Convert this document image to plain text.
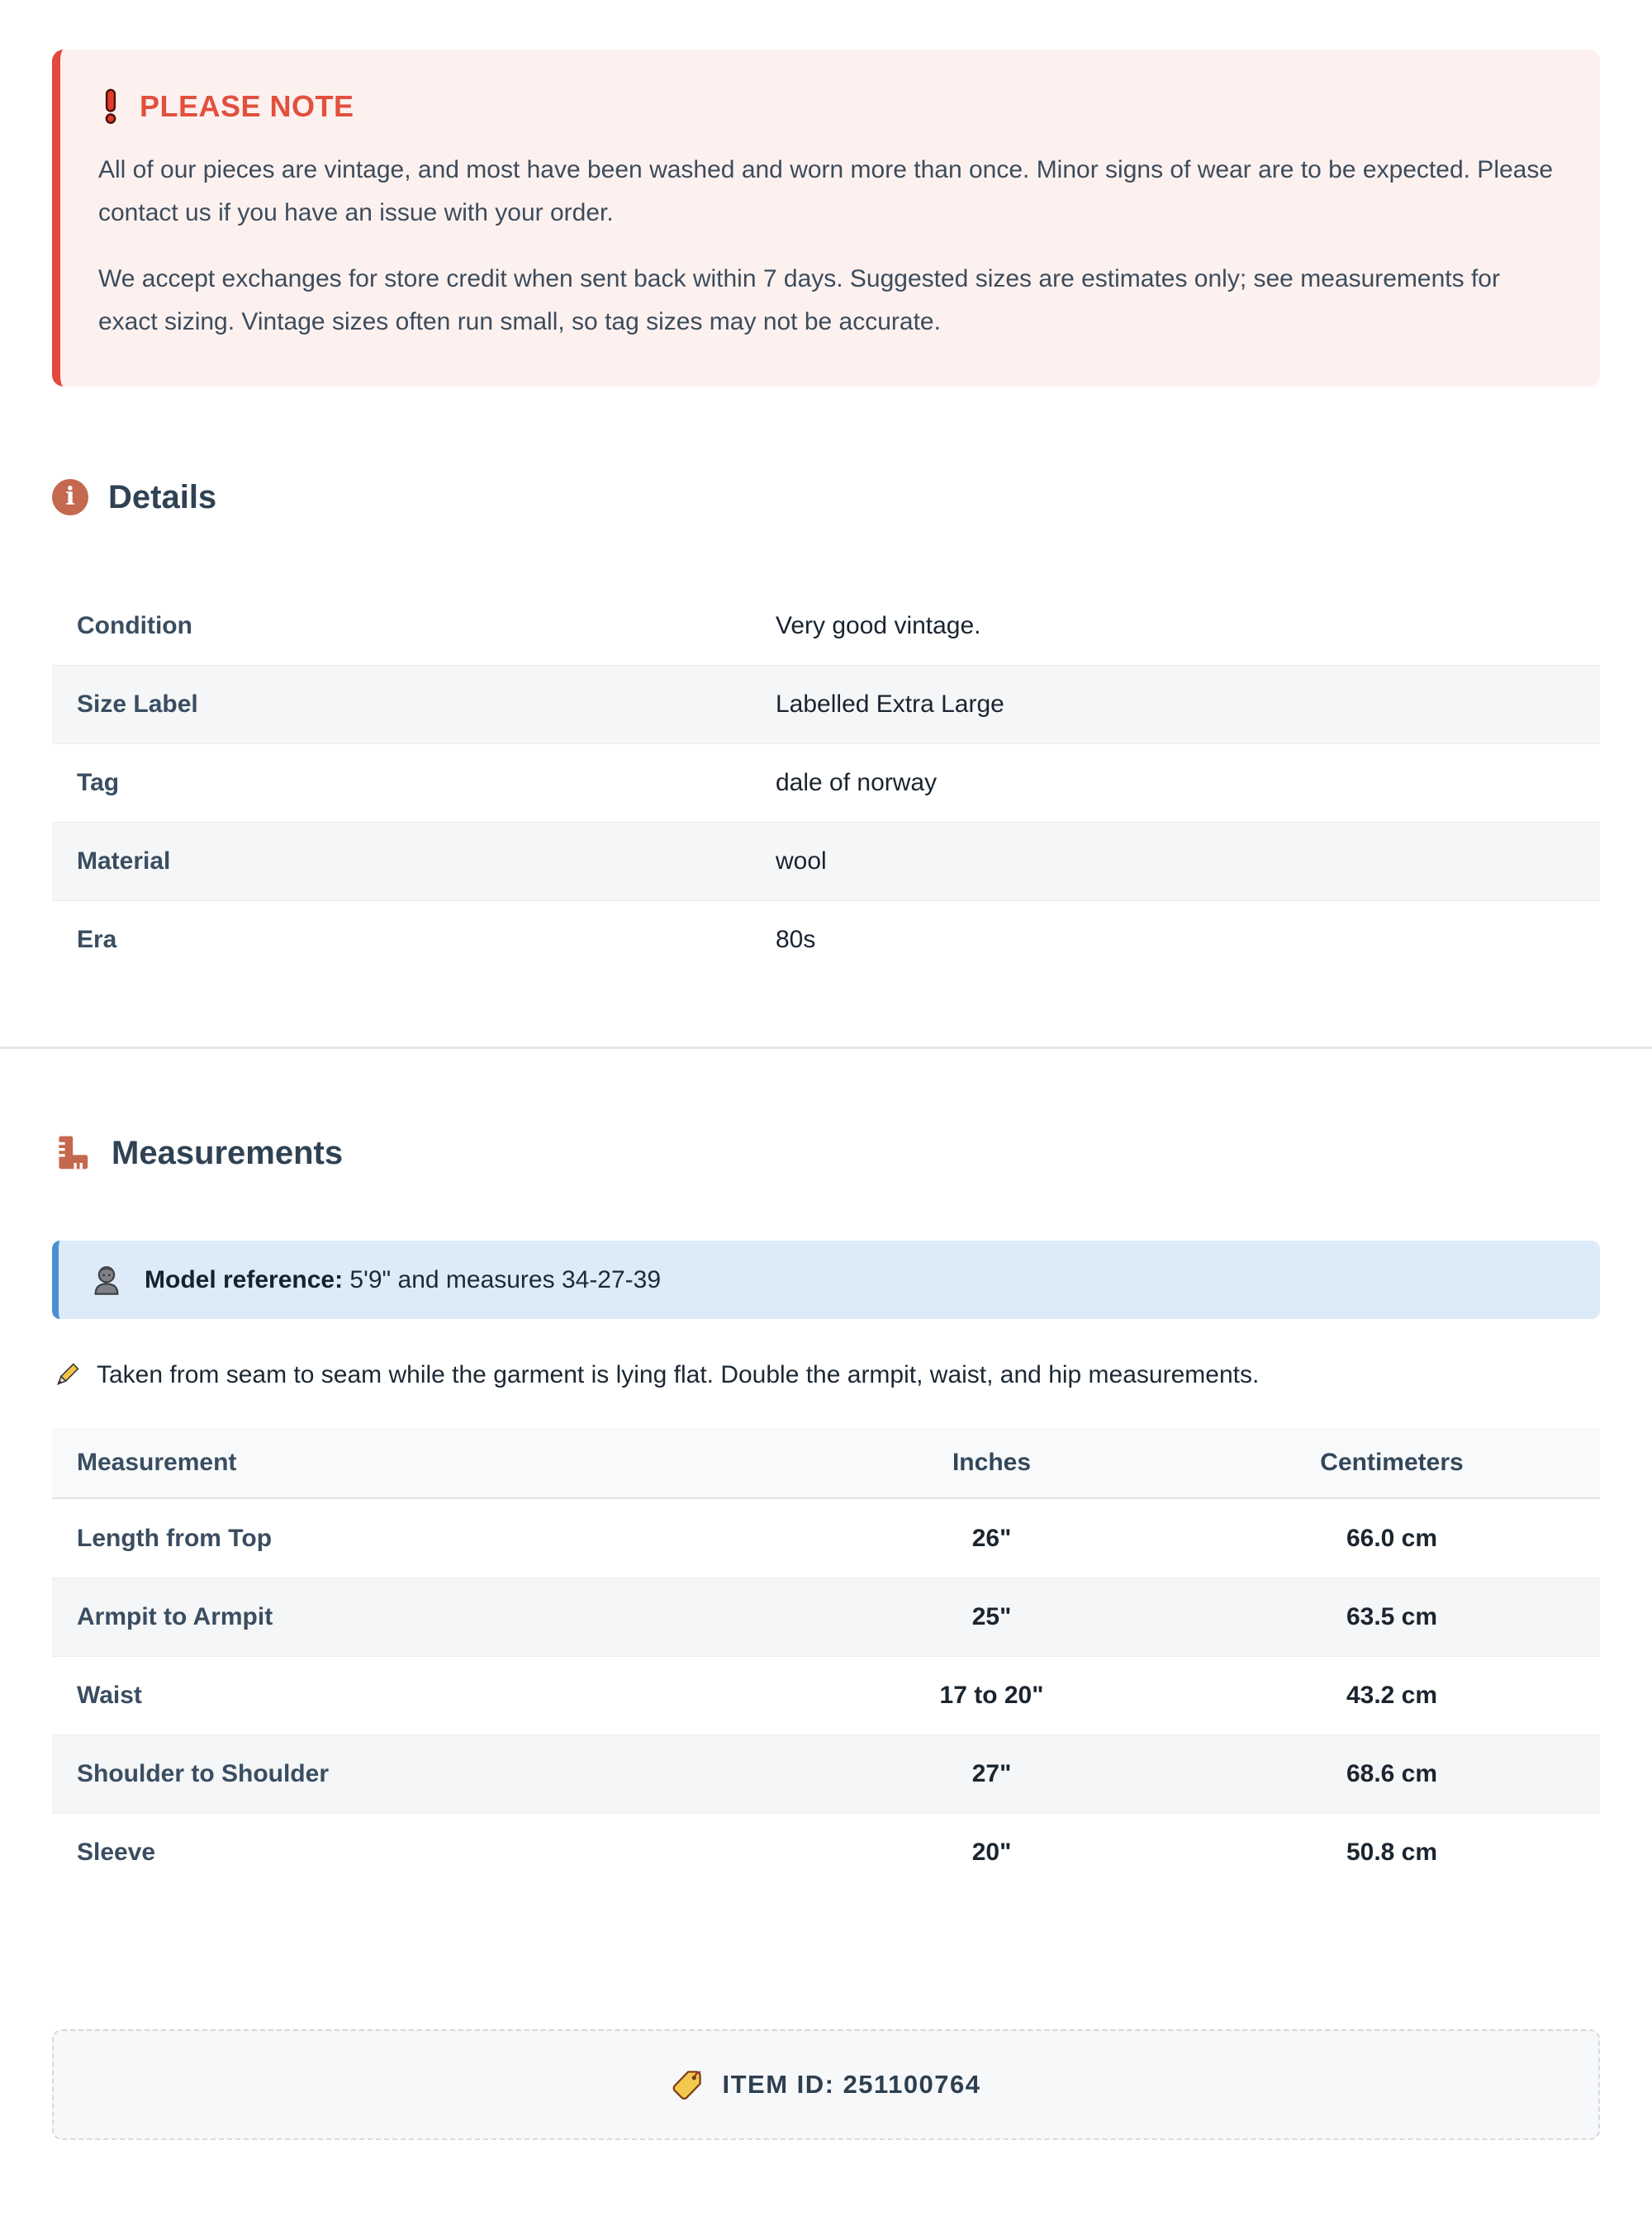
PLEASE NOTE

All of our pieces are vintage, and most have been washed and worn more than once. Minor signs of wear are to be expected. Please contact us if you have an issue with your order.

We accept exchanges for store credit when sent back within 7 days. Suggested sizes are estimates only; see measurements for exact sizing. Vintage sizes often run small, so tag sizes may not be accurate.

i	Details
Condition	Very good vintage.
Size Label	Labelled Extra Large
Tag	dale of norway
Material	wool
Era	80s
Measurements
Model reference: 5'9" and measures 34-27-39
Taken from seam to seam while the garment is lying flat. Double the armpit, waist, and hip measurements.
Measurement	Inches	Centimeters
Length from Top	26"	66.0 cm
Armpit to Armpit	25"	63.5 cm
Waist	17 to 20"	43.2 cm
Shoulder to Shoulder	27"	68.6 cm
Sleeve	20"	50.8 cm
ITEM ID: 251100764
